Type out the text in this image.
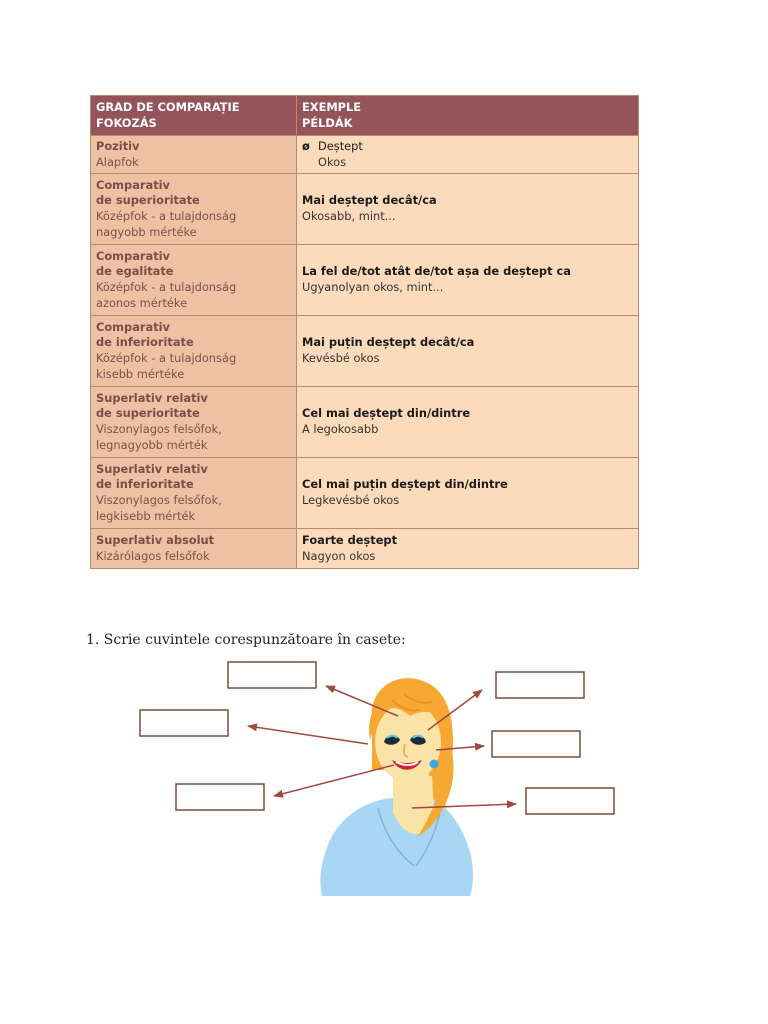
GRAD DE COMPARAȚIE
FOKOZÁS	EXEMPLE
PÉLDÁK

Pozitiv
Alapfok	ø Deștept
Okos

Comparativ
de superioritate
Középfok - a tulajdonság
nagyobb mértéke	Mai deștept decât/ca
Okosabb, mint...

Comparativ
de egalitate
Középfok - a tulajdonság
azonos mértéke	La fel de/tot atât de/tot așa de deștept ca
Ugyanolyan okos, mint...

Comparativ
de inferioritate
Középfok - a tulajdonság
kisebb mértéke	Mai puțin deștept decât/ca
Kevésbé okos

Superlativ relativ
de superioritate
Viszonylagos felsőfok,
legnagyobb mérték	Cel mai deștept din/dintre
A legokosabb

Superlativ relativ
de inferioritate
Viszonylagos felsőfok,
legkisebb mérték	Cel mai puțin deștept din/dintre
Legkevésbé okos

Superlativ absolut
Kizárólagos felsőfok	Foarte deștept
Nagyon okos
1. Scrie cuvintele corespunzătoare în casete:
